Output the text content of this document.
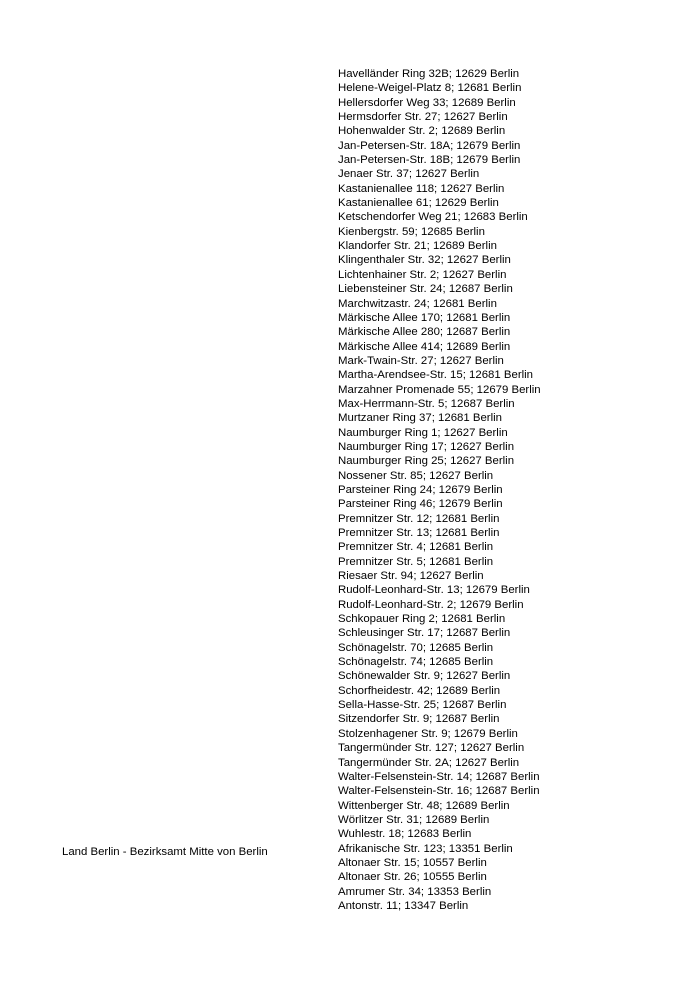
Land Berlin - Bezirksamt Mitte von Berlin
Havelländer Ring 32B; 12629 Berlin
Helene-Weigel-Platz 8; 12681 Berlin
Hellersdorfer Weg 33; 12689 Berlin
Hermsdorfer Str. 27; 12627 Berlin
Hohenwalder Str. 2; 12689 Berlin
Jan-Petersen-Str. 18A; 12679 Berlin
Jan-Petersen-Str. 18B; 12679 Berlin
Jenaer Str. 37; 12627 Berlin
Kastanienallee 118; 12627 Berlin
Kastanienallee 61; 12629 Berlin
Ketschendorfer Weg 21; 12683 Berlin
Kienbergstr. 59; 12685 Berlin
Klandorfer Str. 21; 12689 Berlin
Klingenthaler Str. 32; 12627 Berlin
Lichtenhainer Str. 2; 12627 Berlin
Liebensteiner Str. 24; 12687 Berlin
Marchwitzastr. 24; 12681 Berlin
Märkische Allee 170; 12681 Berlin
Märkische Allee 280; 12687 Berlin
Märkische Allee 414; 12689 Berlin
Mark-Twain-Str. 27; 12627 Berlin
Martha-Arendsee-Str. 15; 12681 Berlin
Marzahner Promenade 55; 12679 Berlin
Max-Herrmann-Str. 5; 12687 Berlin
Murtzaner Ring 37; 12681 Berlin
Naumburger Ring 1; 12627 Berlin
Naumburger Ring 17; 12627 Berlin
Naumburger Ring 25; 12627 Berlin
Nossener Str. 85; 12627 Berlin
Parsteiner Ring 24; 12679 Berlin
Parsteiner Ring 46; 12679 Berlin
Premnitzer Str. 12; 12681 Berlin
Premnitzer Str. 13; 12681 Berlin
Premnitzer Str. 4; 12681 Berlin
Premnitzer Str. 5; 12681 Berlin
Riesaer Str. 94; 12627 Berlin
Rudolf-Leonhard-Str. 13; 12679 Berlin
Rudolf-Leonhard-Str. 2; 12679 Berlin
Schkopauer Ring 2; 12681 Berlin
Schleusinger Str. 17; 12687 Berlin
Schönagelstr. 70; 12685 Berlin
Schönagelstr. 74; 12685 Berlin
Schönewalder Str. 9; 12627 Berlin
Schorfheidestr. 42; 12689 Berlin
Sella-Hasse-Str. 25; 12687 Berlin
Sitzendorfer Str. 9; 12687 Berlin
Stolzenhagener Str. 9; 12679 Berlin
Tangermünder Str. 127; 12627 Berlin
Tangermünder Str. 2A; 12627 Berlin
Walter-Felsenstein-Str. 14; 12687 Berlin
Walter-Felsenstein-Str. 16; 12687 Berlin
Wittenberger Str. 48; 12689 Berlin
Wörlitzer Str. 31; 12689 Berlin
Wuhlestr. 18; 12683 Berlin
Afrikanische Str. 123; 13351 Berlin
Altonaer Str. 15; 10557 Berlin
Altonaer Str. 26; 10555 Berlin
Amrumer Str. 34; 13353 Berlin
Antonstr. 11; 13347 Berlin
